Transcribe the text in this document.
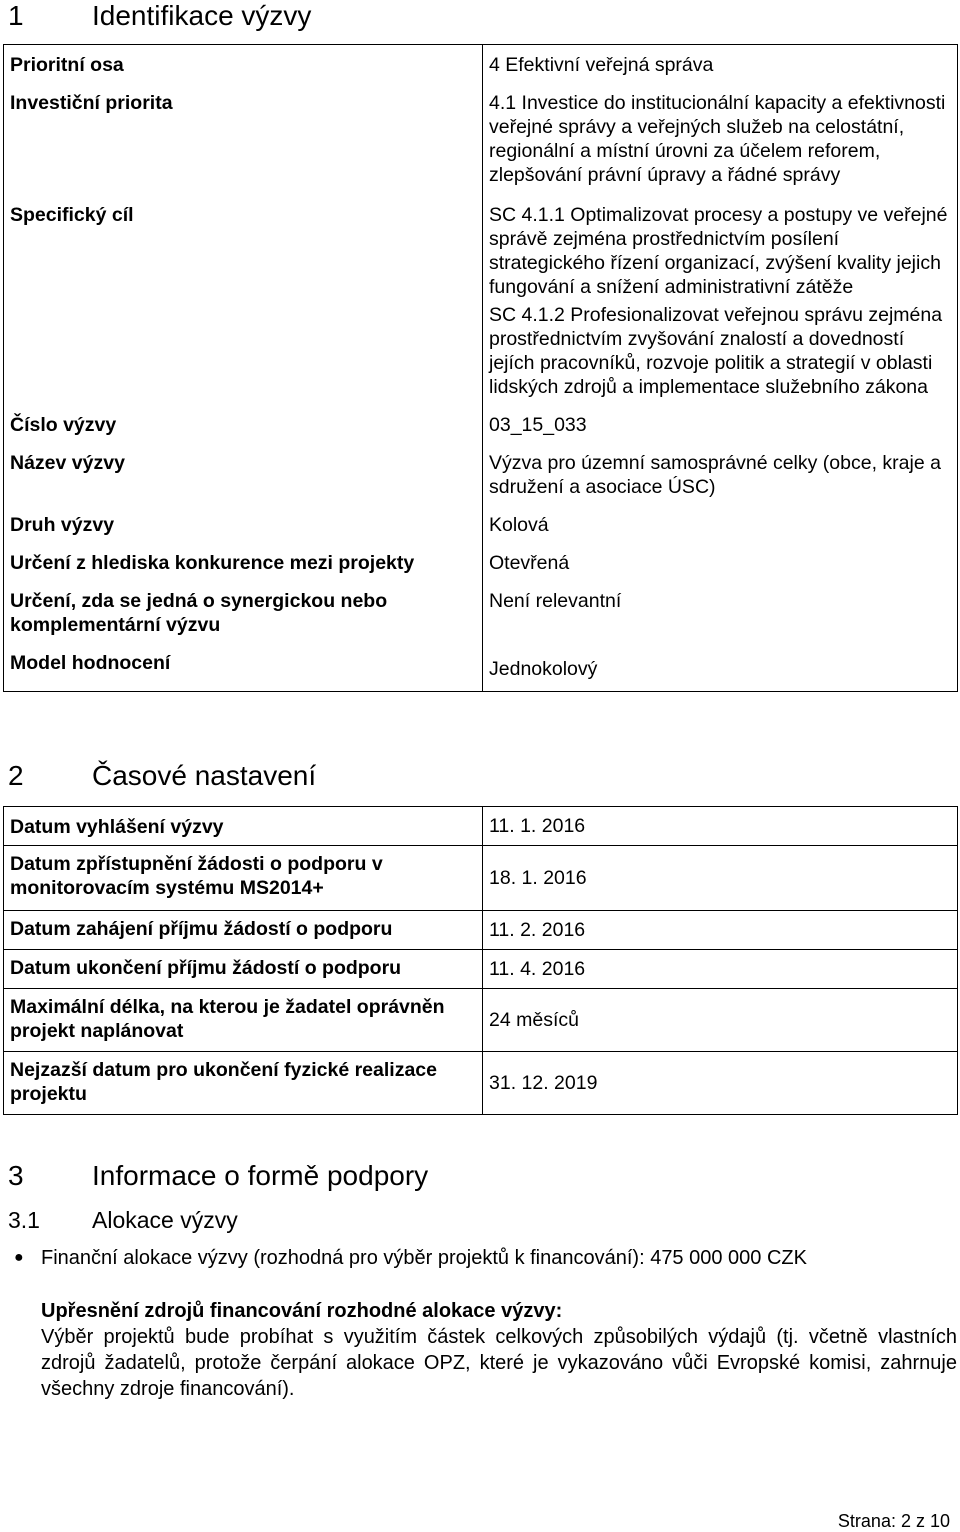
1	Identifikace výzvy
Prioritní osa	4 Efektivní veřejná správa
Investiční priorita	4.1 Investice do institucionální kapacity a efektivnosti veřejné správy a veřejných služeb na celostátní, regionální a místní úrovni za účelem reforem, zlepšování právní úpravy a řádné správy
Specifický cíl	SC 4.1.1 Optimalizovat procesy a postupy ve veřejné správě zejména prostřednictvím posílení strategického řízení organizací, zvýšení kvality jejich fungování a snížení administrativní zátěže
SC 4.1.2 Profesionalizovat veřejnou správu zejména prostřednictvím zvyšování znalostí a dovedností jejích pracovníků, rozvoje politik a strategií v oblasti lidských zdrojů a implementace služebního zákona

Číslo výzvy	03_15_033
Název výzvy	Výzva pro územní samosprávné celky (obce, kraje a sdružení a asociace ÚSC)
Druh výzvy	Kolová
Určení z hlediska konkurence mezi projekty	Otevřená
Určení, zda se jedná o synergickou nebo komplementární výzvu	Není relevantní
Model hodnocení	Jednokolový
2	Časové nastavení
Datum vyhlášení výzvy	11. 1. 2016
Datum zpřístupnění žádosti o podporu v monitorovacím systému MS2014+	18. 1. 2016
Datum zahájení příjmu žádostí o podporu	11. 2. 2016
Datum ukončení příjmu žádostí o podporu	11. 4. 2016
Maximální délka, na kterou je žadatel oprávněn projekt naplánovat	24 měsíců
Nejzazší datum pro ukončení fyzické realizace projektu	31. 12. 2019
3	Informace o formě podpory
3.1	Alokace výzvy
● Finanční alokace výzvy (rozhodná pro výběr projektů k financování): 475 000 000 CZK
Upřesnění zdrojů financování rozhodné alokace výzvy:
Výběr projektů bude probíhat s využitím částek celkových způsobilých výdajů (tj. včetně vlastních zdrojů žadatelů, protože čerpání alokace OPZ, které je vykazováno vůči Evropské komisi, zahrnuje všechny zdroje financování).
Strana: 2 z 10
